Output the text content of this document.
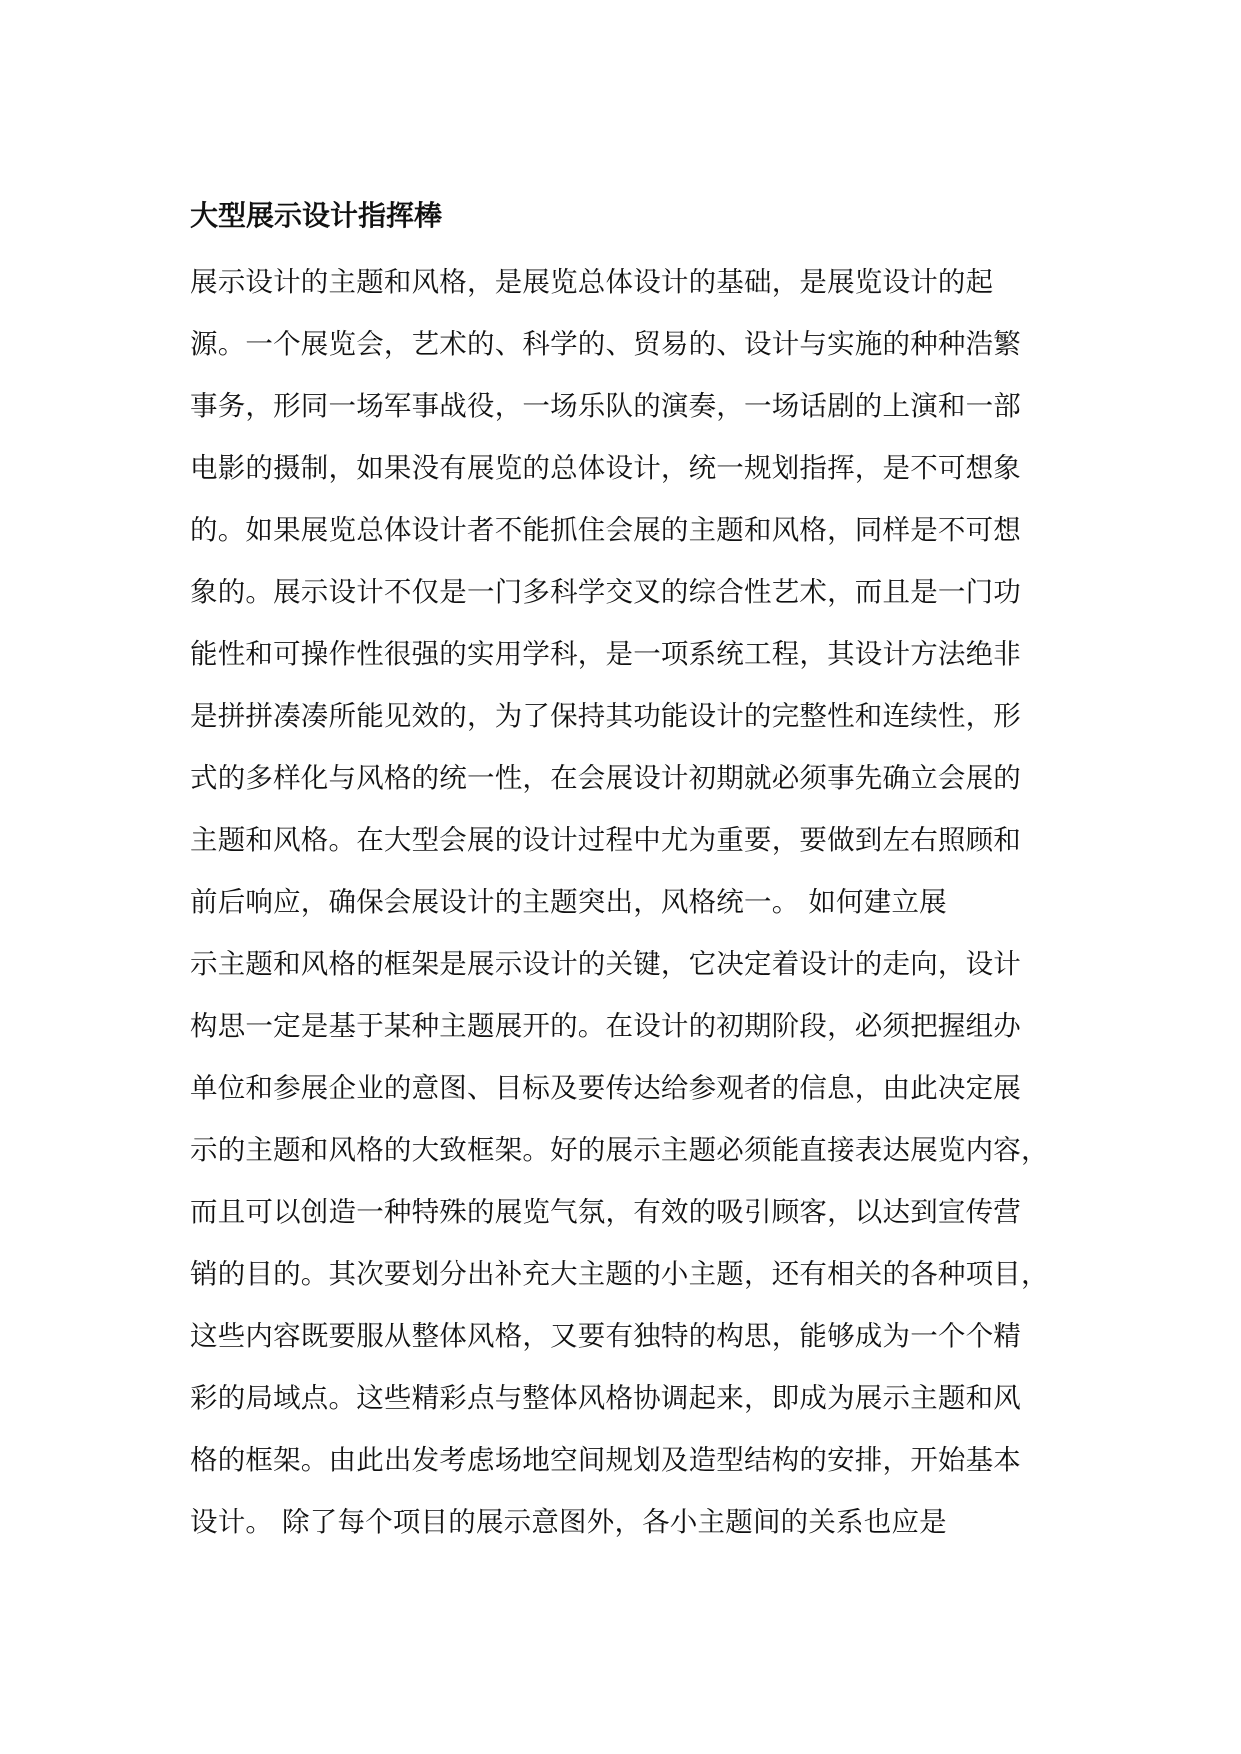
大型展示设计指挥棒
展示设计的主题和风格，是展览总体设计的基础，是展览设计的起
源。一个展览会，艺术的、科学的、贸易的、设计与实施的种种浩繁
事务，形同一场军事战役，一场乐队的演奏，一场话剧的上演和一部
电影的摄制，如果没有展览的总体设计，统一规划指挥，是不可想象
的。如果展览总体设计者不能抓住会展的主题和风格，同样是不可想
象的。展示设计不仅是一门多科学交叉的综合性艺术，而且是一门功
能性和可操作性很强的实用学科，是一项系统工程，其设计方法绝非
是拼拼凑凑所能见效的，为了保持其功能设计的完整性和连续性，形
式的多样化与风格的统一性，在会展设计初期就必须事先确立会展的
主题和风格。在大型会展的设计过程中尤为重要，要做到左右照顾和
前后响应，确保会展设计的主题突出，风格统一。 如何建立展
示主题和风格的框架是展示设计的关键，它决定着设计的走向，设计
构思一定是基于某种主题展开的。在设计的初期阶段，必须把握组办
单位和参展企业的意图、目标及要传达给参观者的信息，由此决定展
示的主题和风格的大致框架。好的展示主题必须能直接表达展览内容，
而且可以创造一种特殊的展览气氛，有效的吸引顾客，以达到宣传营
销的目的。其次要划分出补充大主题的小主题，还有相关的各种项目，
这些内容既要服从整体风格，又要有独特的构思，能够成为一个个精
彩的局域点。这些精彩点与整体风格协调起来，即成为展示主题和风
格的框架。由此出发考虑场地空间规划及造型结构的安排，开始基本
设计。 除了每个项目的展示意图外，各小主题间的关系也应是
